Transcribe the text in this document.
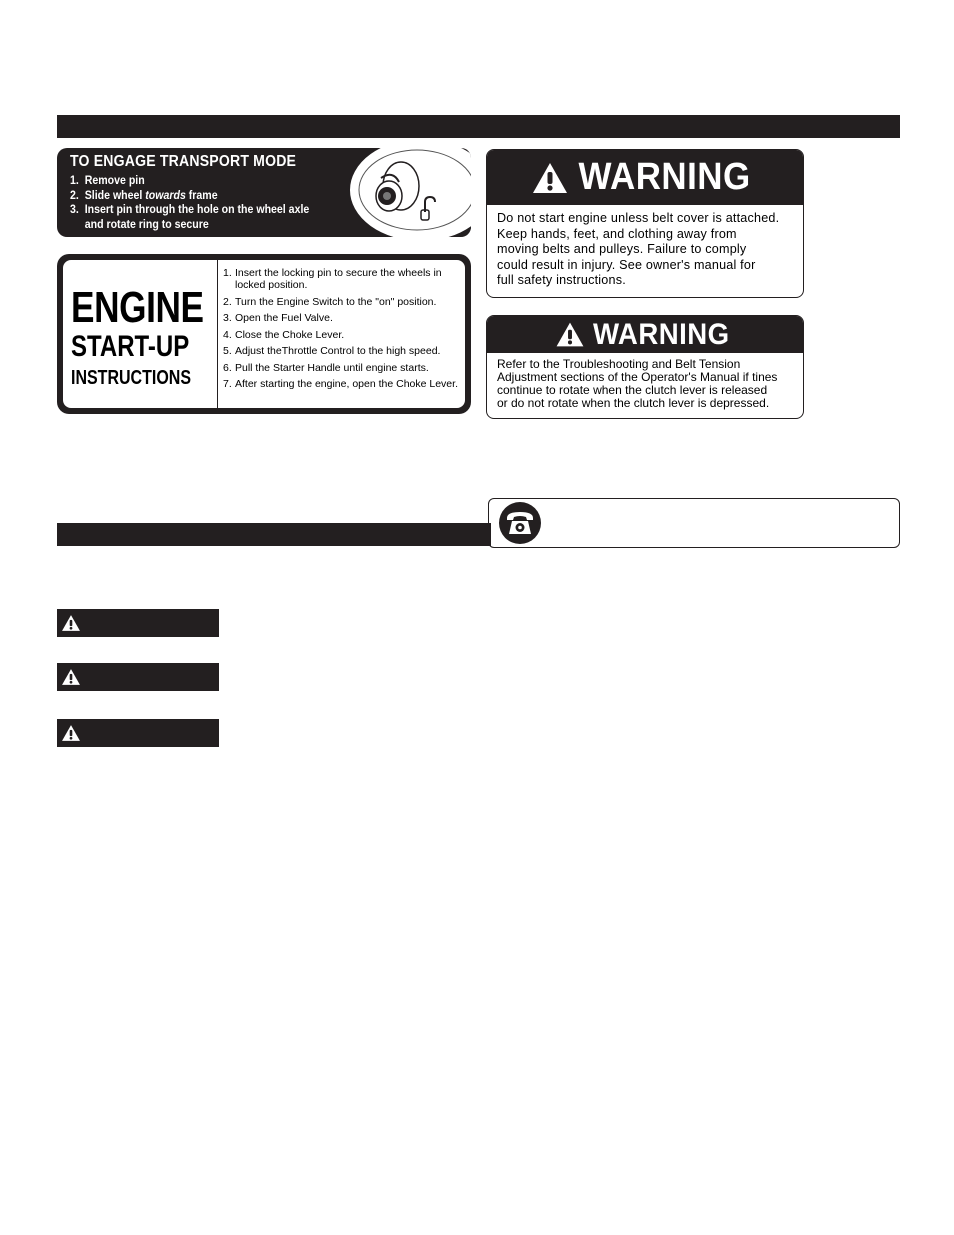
TO ENGAGE TRANSPORT MODE
1. Remove pin
2. Slide wheel towards frame
3. Insert pin through the hole on the wheel axle
and rotate ring to secure
ENGINE
START-UP
INSTRUCTIONS
1. Insert the locking pin to secure the wheels in locked position.
2. Turn the Engine Switch to the "on" position.
3. Open the Fuel Valve.
4. Close the Choke Lever.
5. Adjust theThrottle Control to the high speed.
6. Pull the Starter Handle until engine starts.
7. After starting the engine, open the Choke Lever.
WARNING
Do not start engine unless belt cover is attached.
Keep hands, feet, and clothing away from
moving belts and pulleys. Failure to comply
could result in injury. See owner's manual for
full safety instructions.
WARNING
Refer to the Troubleshooting and Belt Tension
Adjustment sections of the Operator's Manual if tines
continue to rotate when the clutch lever is released
or do not rotate when the clutch lever is depressed.
